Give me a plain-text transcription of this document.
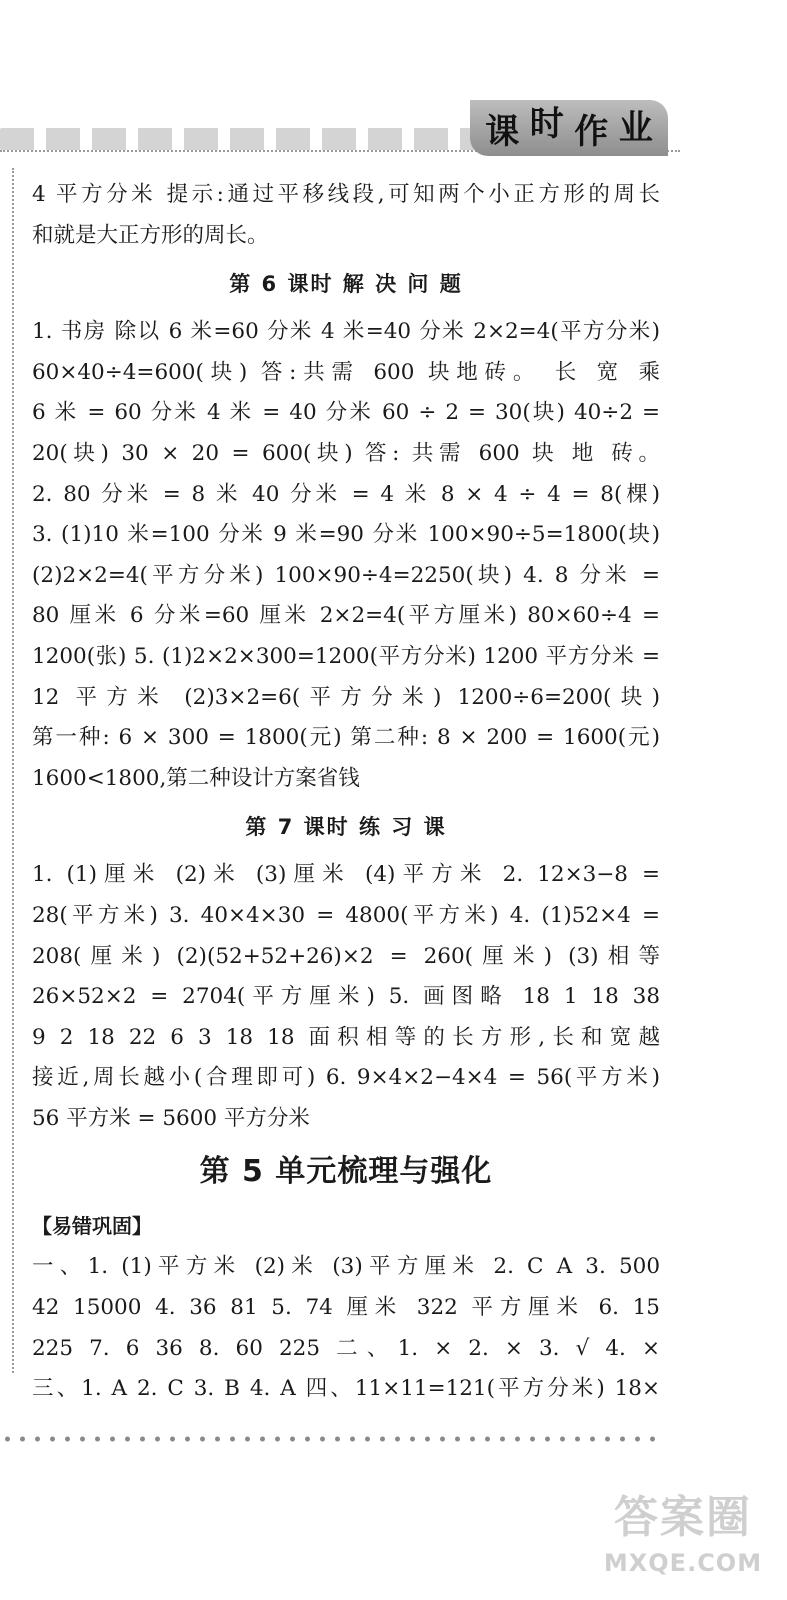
课 时 作 业
4 平方分米 提示:通过平移线段,可知两个小正方形的周长
和就是大正方形的周长。
第 6 课时 解 决 问 题
1. 书房 除以 6 米=60 分米 4 米=40 分米 2×2=4(平方分米)
60×40÷4=600(块) 答:共需 600 块地砖。 长 宽 乘
6 米 = 60 分米 4 米 = 40 分米 60 ÷ 2 = 30(块) 40÷2 =
20(块) 30 × 20 = 600(块) 答: 共需 600 块 地 砖。
2. 80 分米 = 8 米 40 分米 = 4 米 8 × 4 ÷ 4 = 8(棵)
3. (1)10 米=100 分米 9 米=90 分米 100×90÷5=1800(块)
(2)2×2=4(平方分米) 100×90÷4=2250(块) 4. 8 分米 =
80 厘米 6 分米=60 厘米 2×2=4(平方厘米) 80×60÷4 =
1200(张) 5. (1)2×2×300=1200(平方分米) 1200 平方分米 =
12 平方米 (2)3×2=6(平方分米) 1200÷6=200(块)
第一种: 6 × 300 = 1800(元) 第二种: 8 × 200 = 1600(元)
1600<1800,第二种设计方案省钱
第 7 课时 练 习 课
1. (1)厘米 (2)米 (3)厘米 (4)平方米 2. 12×3−8 =
28(平方米) 3. 40×4×30 = 4800(平方米) 4. (1)52×4 =
208(厘米) (2)(52+52+26)×2 = 260(厘米) (3)相等
26×52×2 = 2704(平方厘米) 5. 画图略 18 1 18 38
9 2 18 22 6 3 18 18 面积相等的长方形,长和宽越
接近,周长越小(合理即可) 6. 9×4×2−4×4 = 56(平方米)
56 平方米 = 5600 平方分米
第 5 单元梳理与强化
【易错巩固】
一、1. (1)平方米 (2)米 (3)平方厘米 2. C A 3. 500
42 15000 4. 36 81 5. 74 厘米 322 平方厘米 6. 15
225 7. 6 36 8. 60 225 二、1. × 2. × 3. √ 4. ×
三、1. A 2. C 3. B 4. A 四、11×11=121(平方分米) 18×
答案圈
MXQE.COM
